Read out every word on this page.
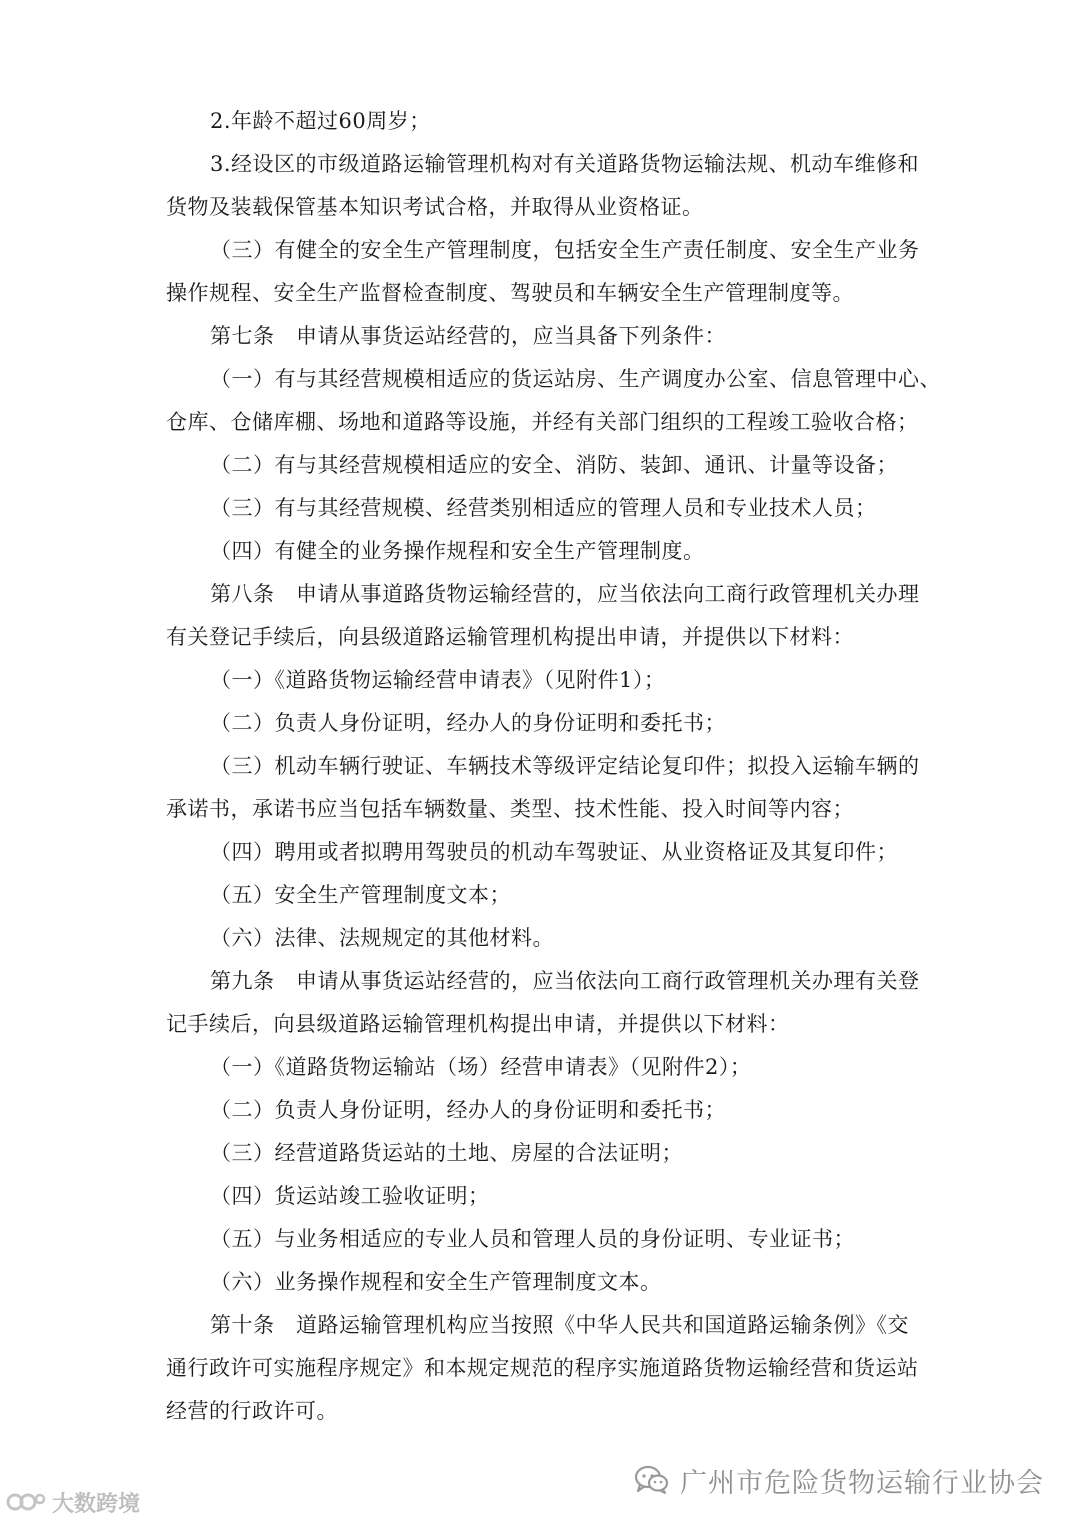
2.年龄不超过60周岁；
3.经设区的市级道路运输管理机构对有关道路货物运输法规、机动车维修和
货物及装载保管基本知识考试合格，并取得从业资格证。
（三）有健全的安全生产管理制度，包括安全生产责任制度、安全生产业务
操作规程、安全生产监督检查制度、驾驶员和车辆安全生产管理制度等。
第七条　申请从事货运站经营的，应当具备下列条件：
（一）有与其经营规模相适应的货运站房、生产调度办公室、信息管理中心、
仓库、仓储库棚、场地和道路等设施，并经有关部门组织的工程竣工验收合格；
（二）有与其经营规模相适应的安全、消防、装卸、通讯、计量等设备；
（三）有与其经营规模、经营类别相适应的管理人员和专业技术人员；
（四）有健全的业务操作规程和安全生产管理制度。
第八条　申请从事道路货物运输经营的，应当依法向工商行政管理机关办理
有关登记手续后，向县级道路运输管理机构提出申请，并提供以下材料：
（一）《道路货物运输经营申请表》（见附件1）；
（二）负责人身份证明，经办人的身份证明和委托书；
（三）机动车辆行驶证、车辆技术等级评定结论复印件；拟投入运输车辆的
承诺书，承诺书应当包括车辆数量、类型、技术性能、投入时间等内容；
（四）聘用或者拟聘用驾驶员的机动车驾驶证、从业资格证及其复印件；
（五）安全生产管理制度文本；
（六）法律、法规规定的其他材料。
第九条　申请从事货运站经营的，应当依法向工商行政管理机关办理有关登
记手续后，向县级道路运输管理机构提出申请，并提供以下材料：
（一）《道路货物运输站（场）经营申请表》（见附件2）；
（二）负责人身份证明，经办人的身份证明和委托书；
（三）经营道路货运站的土地、房屋的合法证明；
（四）货运站竣工验收证明；
（五）与业务相适应的专业人员和管理人员的身份证明、专业证书；
（六）业务操作规程和安全生产管理制度文本。
第十条　道路运输管理机构应当按照《中华人民共和国道路运输条例》《交
通行政许可实施程序规定》和本规定规范的程序实施道路货物运输经营和货运站
经营的行政许可。
广州市危险货物运输行业协会
大数跨境
